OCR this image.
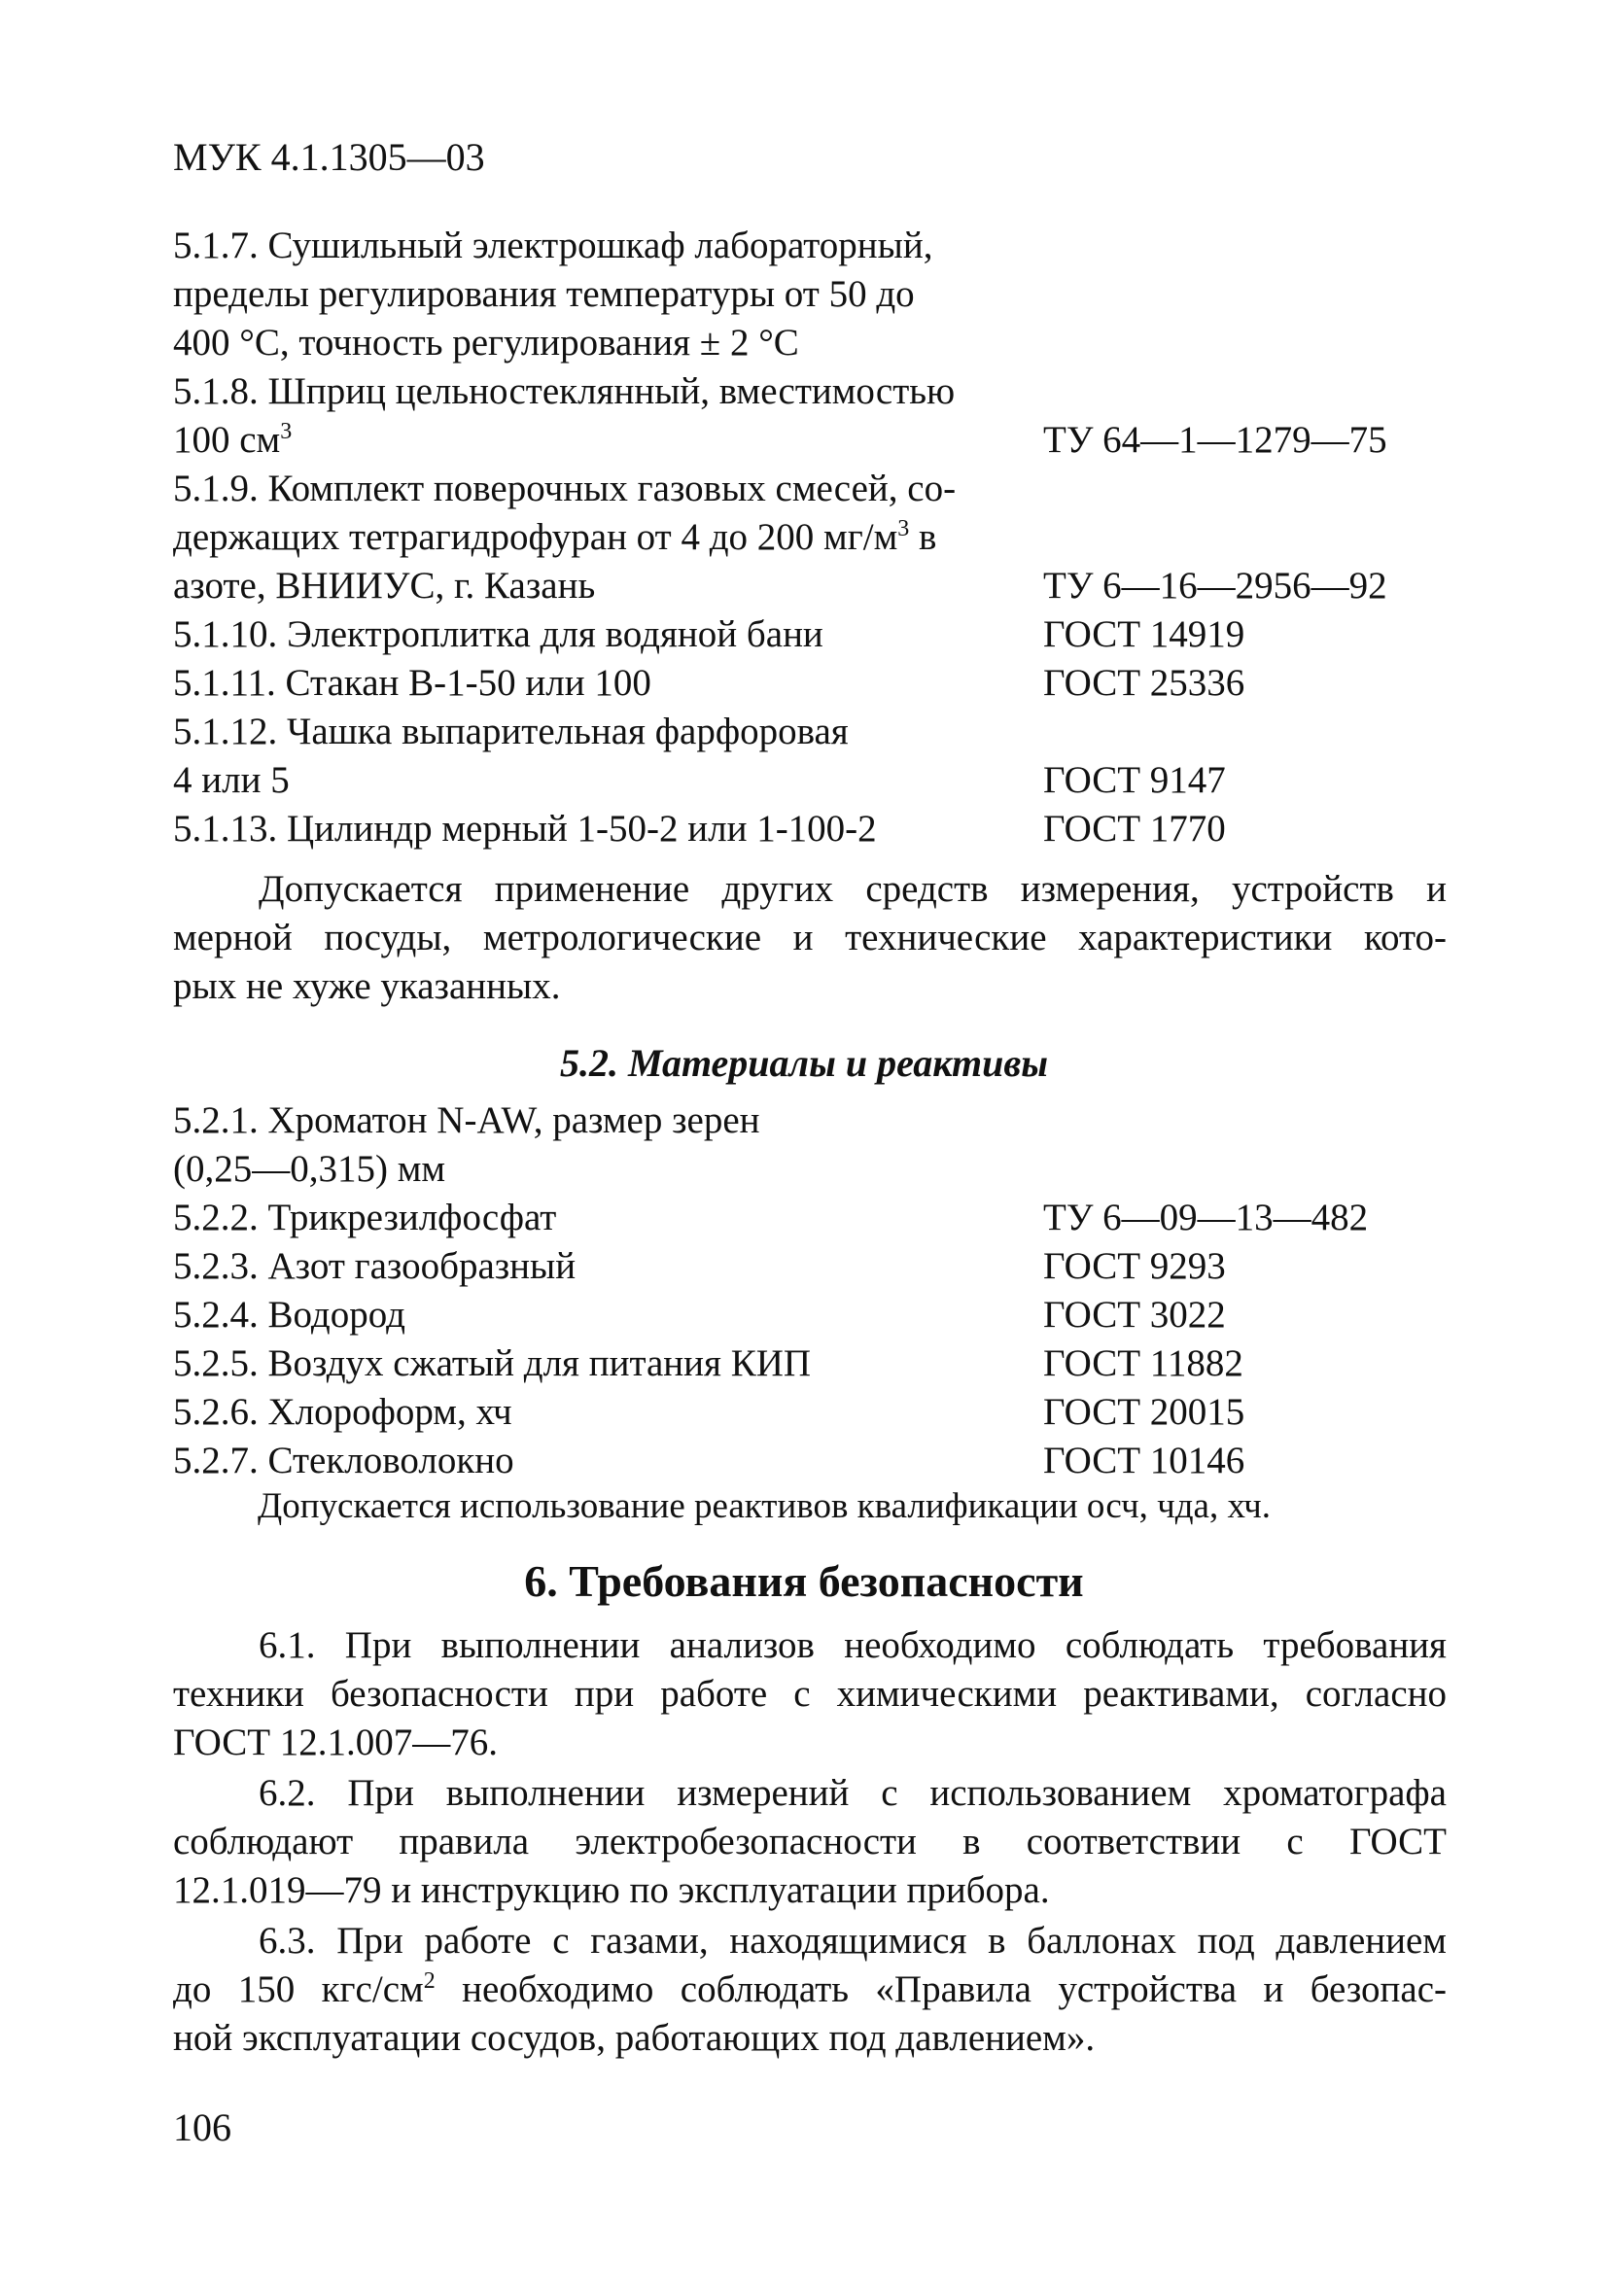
МУК 4.1.1305—03
5.1.7. Сушильный электрошкаф лабораторный,
пределы регулирования температуры от 50 до
400 °С, точность регулирования ± 2 °С
5.1.8. Шприц цельностеклянный, вместимостью
100 $см^3$	ТУ 64—1—1279—75
5.1.9. Комплект поверочных газовых смесей, со-
держащих тетрагидрофуран от 4 до 200 $мг/м^3$ в
азоте, ВНИИУС, г. Казань	ТУ 6—16—2956—92
5.1.10. Электроплитка для водяной бани	ГОСТ 14919
5.1.11. Стакан В-1-50 или 100	ГОСТ 25336
5.1.12. Чашка выпарительная фарфоровая
4 или 5	ГОСТ 9147
5.1.13. Цилиндр мерный 1-50-2 или 1-100-2	ГОСТ 1770
Допускается применение других средств измерения, устройств и
мерной посуды, метрологические и технические характеристики кото-
рых не хуже указанных.
5.2. Материалы и реактивы
5.2.1. Хроматон N-AW, размер зерен
(0,25—0,315) мм
5.2.2. Трикрезилфосфат	ТУ 6—09—13—482
5.2.3. Азот газообразный	ГОСТ 9293
5.2.4. Водород	ГОСТ 3022
5.2.5. Воздух сжатый для питания КИП	ГОСТ 11882
5.2.6. Хлороформ, хч	ГОСТ 20015
5.2.7. Стекловолокно	ГОСТ 10146
Допускается использование реактивов квалификации осч, чда, хч.
6. Требования безопасности
6.1. При выполнении анализов необходимо соблюдать требования
техники безопасности при работе с химическими реактивами, согласно
ГОСТ 12.1.007—76.
6.2. При выполнении измерений с использованием хроматографа
соблюдают правила электробезопасности в соответствии с ГОСТ
12.1.019—79 и инструкцию по эксплуатации прибора.
6.3. При работе с газами, находящимися в баллонах под давлением
до 150 кгс/$см^2$ необходимо соблюдать «Правила устройства и безопас-
ной эксплуатации сосудов, работающих под давлением».
106
